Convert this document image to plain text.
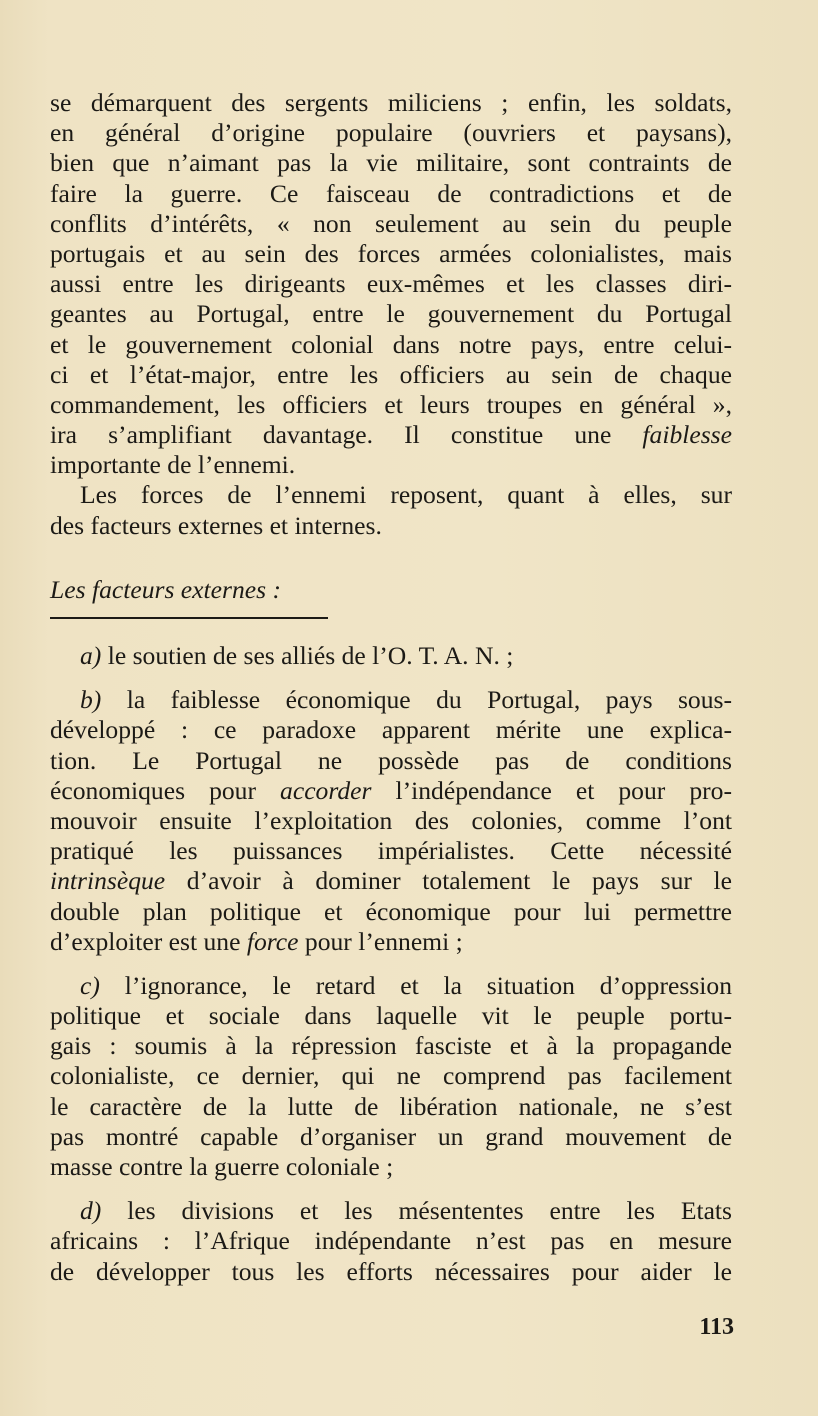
se démarquent des sergents miliciens ; enfin, les soldats,
en général d’origine populaire (ouvriers et paysans),
bien que n’aimant pas la vie militaire, sont contraints de
faire la guerre. Ce faisceau de contradictions et de
conflits d’intérêts, « non seulement au sein du peuple
portugais et au sein des forces armées colonialistes, mais
aussi entre les dirigeants eux-mêmes et les classes diri-
geantes au Portugal, entre le gouvernement du Portugal
et le gouvernement colonial dans notre pays, entre celui-
ci et l’état-major, entre les officiers au sein de chaque
commandement, les officiers et leurs troupes en général »,
ira s’amplifiant davantage. Il constitue une faiblesse
importante de l’ennemi.
Les forces de l’ennemi reposent, quant à elles, sur
des facteurs externes et internes.
Les facteurs externes :
a) le soutien de ses alliés de l’O. T. A. N. ;
b) la faiblesse économique du Portugal, pays sous-
développé : ce paradoxe apparent mérite une explica-
tion. Le Portugal ne possède pas de conditions
économiques pour accorder l’indépendance et pour pro-
mouvoir ensuite l’exploitation des colonies, comme l’ont
pratiqué les puissances impérialistes. Cette nécessité
intrinsèque d’avoir à dominer totalement le pays sur le
double plan politique et économique pour lui permettre
d’exploiter est une force pour l’ennemi ;
c) l’ignorance, le retard et la situation d’oppression
politique et sociale dans laquelle vit le peuple portu-
gais : soumis à la répression fasciste et à la propagande
colonialiste, ce dernier, qui ne comprend pas facilement
le caractère de la lutte de libération nationale, ne s’est
pas montré capable d’organiser un grand mouvement de
masse contre la guerre coloniale ;
d) les divisions et les mésententes entre les Etats
africains : l’Afrique indépendante n’est pas en mesure
de développer tous les efforts nécessaires pour aider le
113
